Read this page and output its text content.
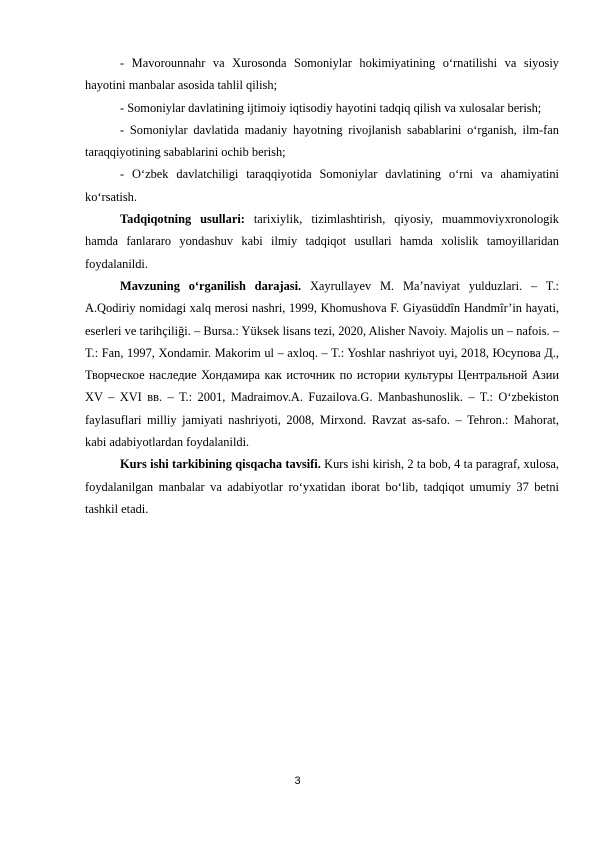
- Mavorounnahr va Xurosonda Somoniylar hokimiyatining o‘rnatilishi va siyosiy hayotini manbalar asosida tahlil qilish;

- Somoniylar davlatining ijtimoiy iqtisodiy hayotini tadqiq qilish va xulosalar berish;

- Somoniylar davlatida madaniy hayotning rivojlanish sabablarini o‘rganish, ilm-fan taraqqiyotining sabablarini ochib berish;

- O‘zbek davlatchiligi taraqqiyotida Somoniylar davlatining o‘rni va ahamiyatini ko‘rsatish.

Tadqiqotning usullari: tarixiylik, tizimlashtirish, qiyosiy, muammoviyxronologik hamda fanlararo yondashuv kabi ilmiy tadqiqot usullari hamda xolislik tamoyillaridan foydalanildi.

Mavzuning o‘rganilish darajasi. Xayrullayev M. Ma’naviyat yulduzlari. – T.: A.Qodiriy nomidagi xalq merosi nashri, 1999, Khomushova F. Giyasüddîn Handmîr’in hayati, eserleri ve tarihçiliği. – Bursa.: Yüksek lisans tezi, 2020, Alisher Navoiy. Majolis un – nafois. – T.: Fan, 1997, Xondamir. Makorim ul – axloq. – T.: Yoshlar nashriyot uyi, 2018, Юсупова Д., Творческое наследие Хондамира как источник по истории культуры Центральной Азии XV – XVI вв. – Т.: 2001, Madraimov.A. Fuzailova.G. Manbashunoslik. – T.: O‘zbekiston faylasuflari milliy jamiyati nashriyoti, 2008, Mirxond. Ravzat as-safo. – Tehron.: Mahorat, kabi adabiyotlardan foydalanildi.

Kurs ishi tarkibining qisqacha tavsifi. Kurs ishi kirish, 2 ta bob, 4 ta paragraf, xulosa, foydalanilgan manbalar va adabiyotlar ro‘yxatidan iborat bo‘lib, tadqiqot umumiy 37 betni tashkil etadi.

3
